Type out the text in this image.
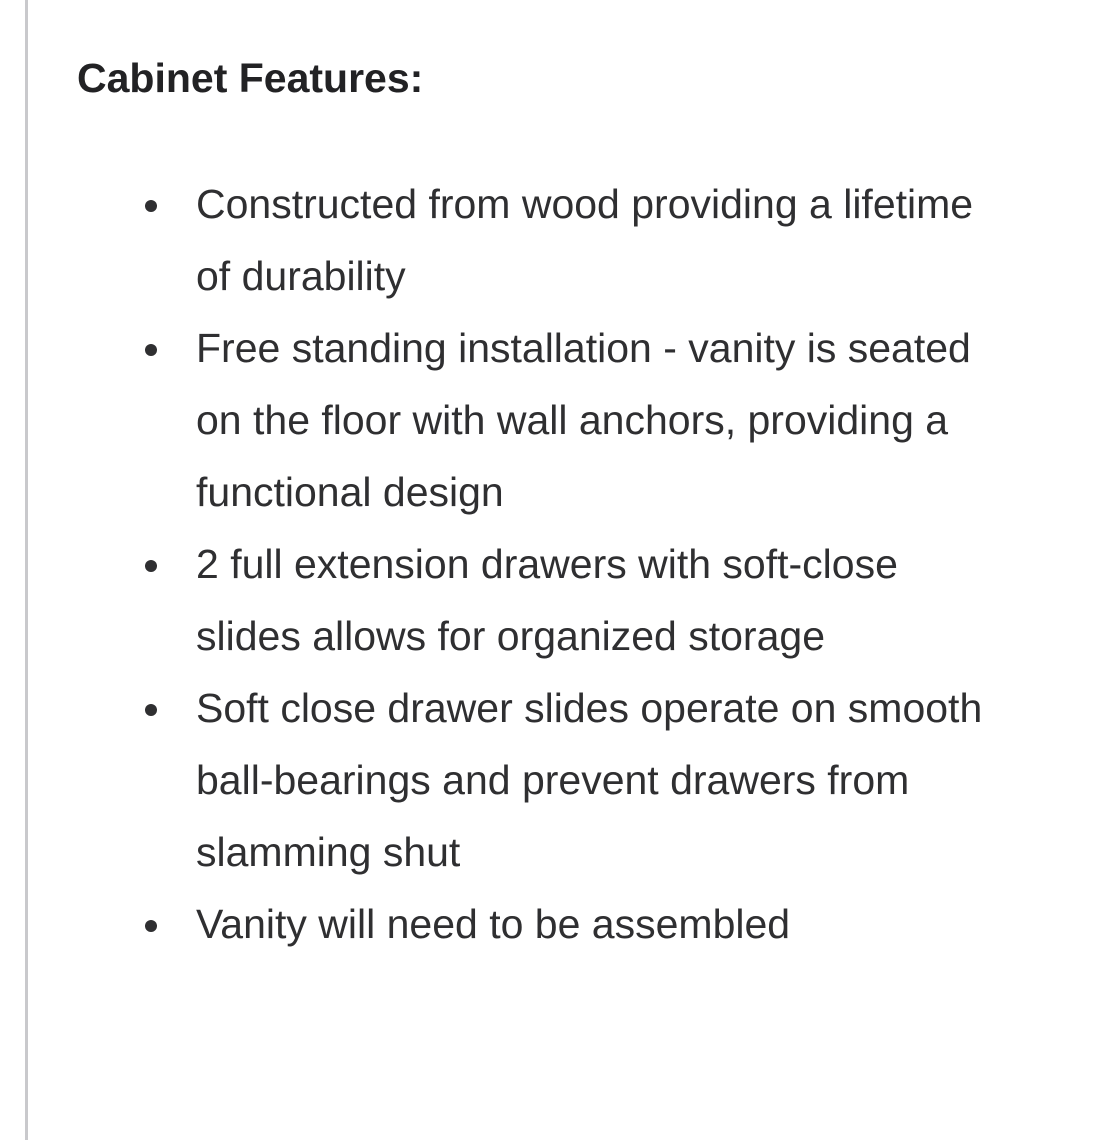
Cabinet Features:
Constructed from wood providing a lifetime of durability
Free standing installation - vanity is seated on the floor with wall anchors, providing a functional design
2 full extension drawers with soft-close slides allows for organized storage
Soft close drawer slides operate on smooth ball-bearings and prevent drawers from slamming shut
Vanity will need to be assembled
